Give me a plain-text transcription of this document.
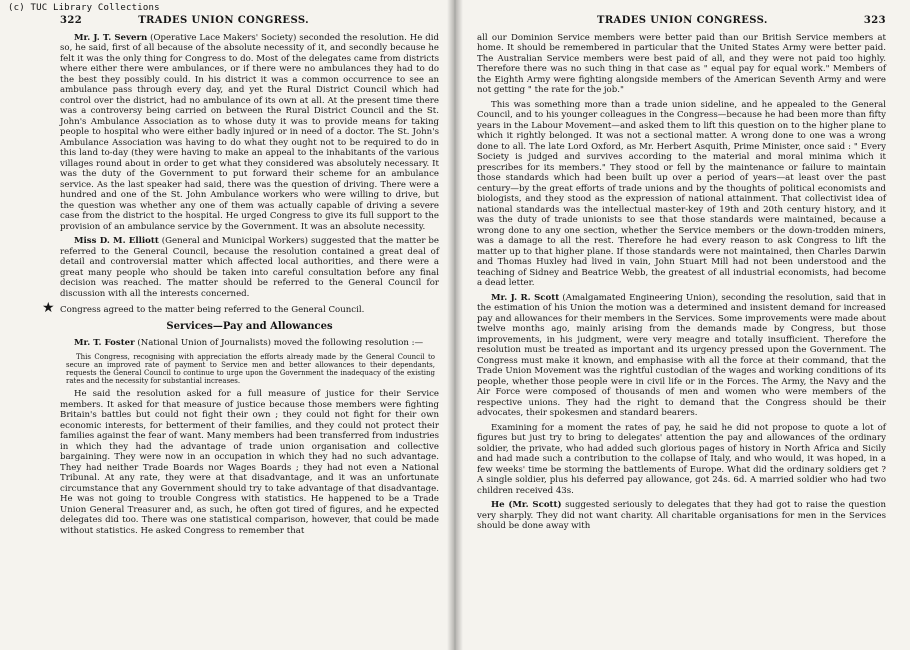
322	TRADES UNION CONGRESS.

Mr. J. T. Severn (Operative Lace Makers' Society) seconded the resolution. He did so, he said, first of all because of the absolute necessity of it, and secondly because he felt it was the only thing for Congress to do. Most of the delegates came from districts where either there were ambulances, or if there were no ambulances they had to do the best they possibly could. In his district it was a common occurrence to see an ambulance pass through every day, and yet the Rural District Council which had control over the district, had no ambulance of its own at all. At the present time there was a controversy being carried on between the Rural District Council and the St. John's Ambulance Association as to whose duty it was to provide means for taking people to hospital who were either badly injured or in need of a doctor. The St. John's Ambulance Association was having to do what they ought not to be required to do in this land to-day (they were having to make an appeal to the inhabitants of the various villages round about in order to get what they considered was absolutely necessary. It was the duty of the Government to put forward their scheme for an ambulance service. As the last speaker had said, there was the question of driving. There were a hundred and one of the St. John Ambulance workers who were willing to drive, but the question was whether any one of them was actually capable of driving a severe case from the district to the hospital. He urged Congress to give its full support to the provision of an ambulance service by the Government. It was an absolute necessity.

Miss D. M. Elliott (General and Municipal Workers) suggested that the matter be referred to the General Council, because the resolution contained a great deal of detail and controversial matter which affected local authorities, and there were a great many people who should be taken into careful consultation before any final decision was reached. The matter should be referred to the General Council for discussion with all the interests concerned.

★ Congress agreed to the matter being referred to the General Council.

Services—Pay and Allowances

Mr. T. Foster (National Union of Journalists) moved the following resolution :—

This Congress, recognising with appreciation the efforts already made by the General Council to secure an improved rate of payment to Service men and better allowances to their dependants, requests the General Council to continue to urge upon the Government the inadequacy of the existing rates and the necessity for substantial increases.

He said the resolution asked for a full measure of justice for their Service members. It asked for that measure of justice because those members were fighting Britain's battles but could not fight their own ; they could not fight for their own economic interests, for betterment of their families, and they could not protect their families against the fear of want. Many members had been transferred from industries in which they had the advantage of trade union organisation and collective bargaining. They were now in an occupation in which they had no such advantage. They had neither Trade Boards nor Wages Boards ; they had not even a National Tribunal. At any rate, they were at that disadvantage, and it was an unfortunate circumstance that any Government should try to take advantage of that disadvantage. He was not going to trouble Congress with statistics. He happened to be a Trade Union General Treasurer and, as such, he often got tired of figures, and he expected delegates did too. There was one statistical comparison, however, that could be made without statistics. He asked Congress to remember that

TRADES UNION CONGRESS.	323

all our Dominion Service members were better paid than our British Service members at home. It should be remembered in particular that the United States Army were better paid. The Australian Service members were best paid of all, and they were not paid too highly. Therefore there was no such thing in that case as " equal pay for equal work." Members of the Eighth Army were fighting alongside members of the American Seventh Army and were not getting " the rate for the job."

This was something more than a trade union sideline, and he appealed to the General Council, and to his younger colleagues in the Congress—because he had been more than fifty years in the Labour Movement—and asked them to lift this question on to the higher plane to which it rightly belonged. It was not a sectional matter. A wrong done to one was a wrong done to all. The late Lord Oxford, as Mr. Herbert Asquith, Prime Minister, once said : " Every Society is judged and survives according to the material and moral minima which it prescribes for its members." They stood or fell by the maintenance or failure to maintain those standards which had been built up over a period of years—at least over the past century—by the great efforts of trade unions and by the thoughts of political economists and biologists, and they stood as the expression of national attainment. That collectivist idea of national standards was the intellectual master-key of 19th and 20th century history, and it was the duty of trade unionists to see that those standards were maintained, because a wrong done to any one section, whether the Service members or the down-trodden miners, was a damage to all the rest. Therefore he had every reason to ask Congress to lift the matter up to that higher plane. If those standards were not maintained, then Charles Darwin and Thomas Huxley had lived in vain, John Stuart Mill had not been understood and the teaching of Sidney and Beatrice Webb, the greatest of all industrial economists, had become a dead letter.

Mr. J. R. Scott (Amalgamated Engineering Union), seconding the resolution, said that in the estimation of his Union the motion was a determined and insistent demand for increased pay and allowances for their members in the Services. Some improvements were made about twelve months ago, mainly arising from the demands made by Congress, but those improvements, in his judgment, were very meagre and totally insufficient. Therefore the resolution must be treated as important and its urgency pressed upon the Government. The Congress must make it known, and emphasise with all the force at their command, that the Trade Union Movement was the rightful custodian of the wages and working conditions of its people, whether those people were in civil life or in the Forces. The Army, the Navy and the Air Force were composed of thousands of men and women who were members of the respective unions. They had the right to demand that the Congress should be their advocates, their spokesmen and standard bearers.

Examining for a moment the rates of pay, he said he did not propose to quote a lot of figures but just try to bring to delegates' attention the pay and allowances of the ordinary soldier, the private, who had added such glorious pages of history in North Africa and Sicily and had made such a contribution to the collapse of Italy, and who would, it was hoped, in a few weeks' time be storming the battlements of Europe. What did the ordinary soldiers get ? A single soldier, plus his deferred pay allowance, got 24s. 6d. A married soldier who had two children received 43s.

He (Mr. Scott) suggested seriously to delegates that they had got to raise the question very sharply. They did not want charity. All charitable organisations for men in the Services should be done away with

(c) TUC Library Collections
